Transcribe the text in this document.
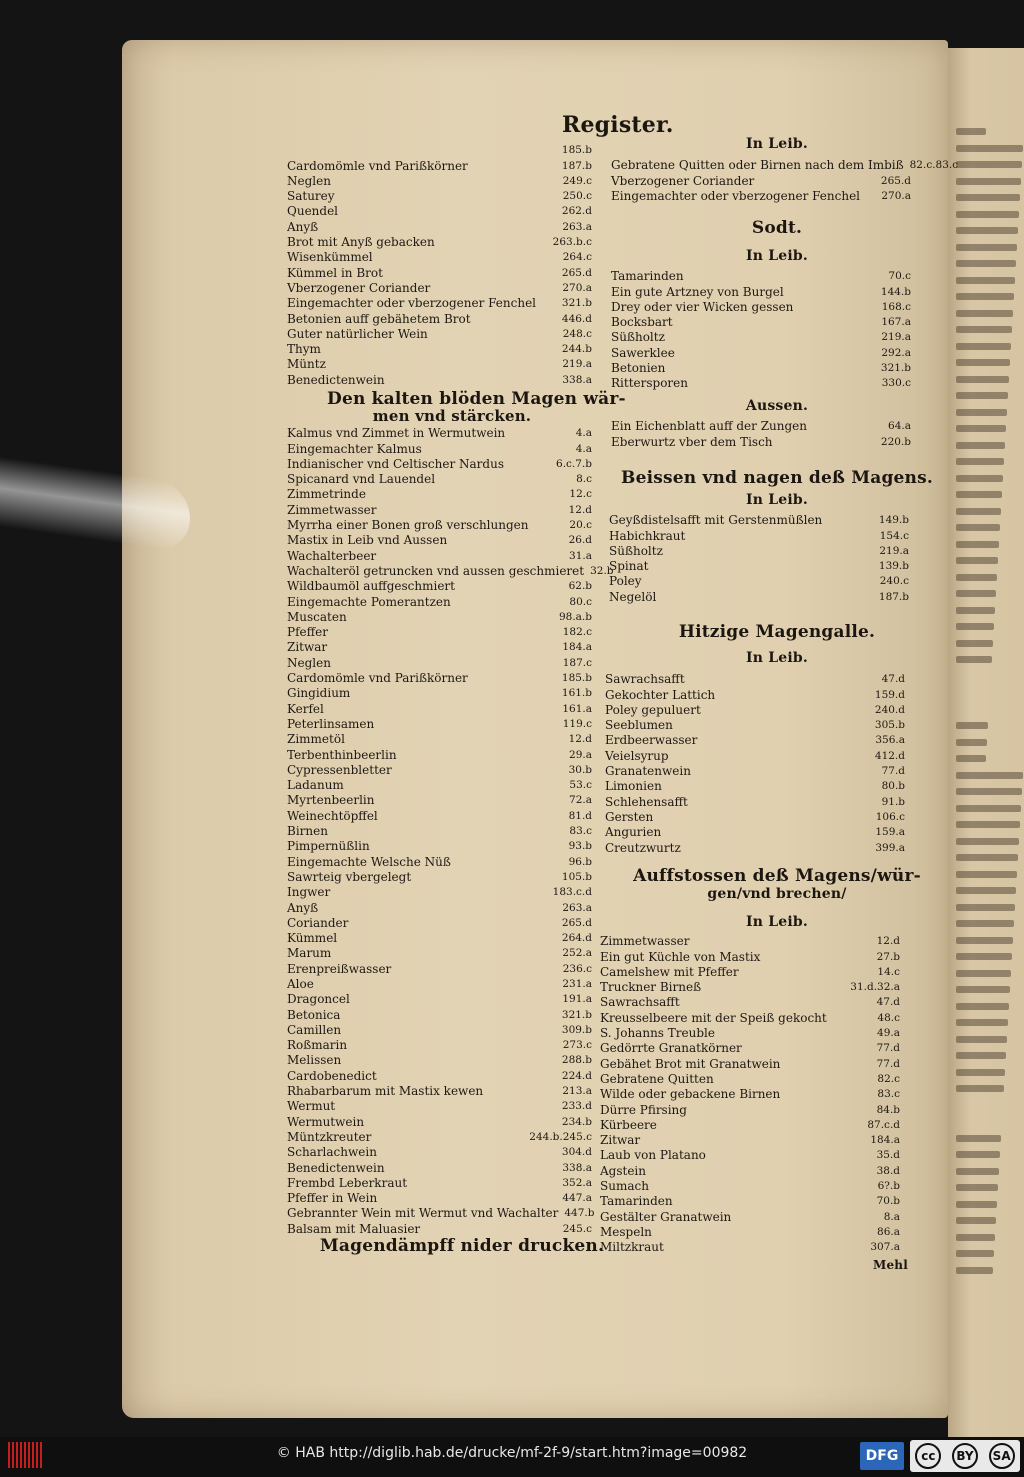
Register.
185.b
Cardomömle vnd Parißkörner	187.b
Neglen	249.c
Saturey	250.c
Quendel	262.d
Anyß	263.a
Brot mit Anyß gebacken	263.b.c
Wisenkümmel	264.c
Kümmel in Brot	265.d
Vberzogener Coriander	270.a
Eingemachter oder vberzogener Fenchel	321.b
Betonien auff gebähetem Brot	446.d
Guter natürlicher Wein	248.c
Thym	244.b
Müntz	219.a
Benedictenwein	338.a
Den kalten blöden Magen wär-
men vnd stärcken.
Kalmus vnd Zimmet in Wermutwein	4.a
Eingemachter Kalmus	4.a
Indianischer vnd Celtischer Nardus	6.c.7.b
Spicanard vnd Lauendel	8.c
Zimmetrinde	12.c
Zimmetwasser	12.d
Myrrha einer Bonen groß verschlungen	20.c
Mastix in Leib vnd Aussen	26.d
Wachalterbeer	31.a
Wachalteröl getruncken vnd aussen geschmieret 32.b
Wildbaumöl auffgeschmiert	62.b
Eingemachte Pomerantzen	80.c
Muscaten	98.a.b
Pfeffer	182.c
Zitwar	184.a
Neglen	187.c
Cardomömle vnd Parißkörner	185.b
Gingidium	161.b
Kerfel	161.a
Peterlinsamen	119.c
Zimmetöl	12.d
Terbenthinbeerlin	29.a
Cypressenbletter	30.b
Ladanum	53.c
Myrtenbeerlin	72.a
Weinechtöpffel	81.d
Birnen	83.c
Pimpernüßlin	93.b
Eingemachte Welsche Nüß	96.b
Sawrteig vbergelegt	105.b
Ingwer	183.c.d
Anyß	263.a
Coriander	265.d
Kümmel	264.d
Marum	252.a
Erenpreißwasser	236.c
Aloe	231.a
Dragoncel	191.a
Betonica	321.b
Camillen	309.b
Roßmarin	273.c
Melissen	288.b
Cardobenedict	224.d
Rhabarbarum mit Mastix kewen	213.a
Wermut	233.d
Wermutwein	234.b
Müntzkreuter	244.b.245.c
Scharlachwein	304.d
Benedictenwein	338.a
Frembd Leberkraut	352.a
Pfeffer in Wein	447.a
Gebrannter Wein mit Wermut vnd Wachalter 447.b
Balsam mit Maluasier	245.c
Magendämpff nider drucken.
In Leib.
Gebratene Quitten oder Birnen nach dem Imbiß 82.c.83.c
Vberzogener Coriander	265.d
Eingemachter oder vberzogener Fenchel	270.a
Sodt.
In Leib.
Tamarinden	70.c
Ein gute Artzney von Burgel	144.b
Drey oder vier Wicken gessen	168.c
Bocksbart	167.a
Süßholtz	219.a
Sawerklee	292.a
Betonien	321.b
Rittersporen	330.c
Aussen.
Ein Eichenblatt auff der Zungen	64.a
Eberwurtz vber dem Tisch	220.b
Beissen vnd nagen deß Magens.
In Leib.
Geyßdistelsafft mit Gerstenmüßlen	149.b
Habichkraut	154.c
Süßholtz	219.a
Spinat	139.b
Poley	240.c
Negelöl	187.b
Hitzige Magengalle.
In Leib.
Sawrachsafft	47.d
Gekochter Lattich	159.d
Poley gepuluert	240.d
Seeblumen	305.b
Erdbeerwasser	356.a
Veielsyrup	412.d
Granatenwein	77.d
Limonien	80.b
Schlehensafft	91.b
Gersten	106.c
Angurien	159.a
Creutzwurtz	399.a
Auffstossen deß Magens/wür-
gen/vnd brechen/
In Leib.
Zimmetwasser	12.d
Ein gut Küchle von Mastix	27.b
Camelshew mit Pfeffer	14.c
Truckner Birneß	31.d.32.a
Sawrachsafft	47.d
Kreusselbeere mit der Speiß gekocht	48.c
S. Johanns Treuble	49.a
Gedörrte Granatkörner	77.d
Gebähet Brot mit Granatwein	77.d
Gebratene Quitten	82.c
Wilde oder gebackene Birnen	83.c
Dürre Pfirsing	84.b
Kürbeere	87.c.d
Zitwar	184.a
Laub von Platano	35.d
Agstein	38.d
Sumach	6?.b
Tamarinden	70.b
Gestälter Granatwein	8.a
Mespeln	86.a
Miltzkraut	307.a
Mehl
© HAB http://diglib.hab.de/drucke/mf-2f-9/start.htm?image=00982	DFG	cc	BY	SA
